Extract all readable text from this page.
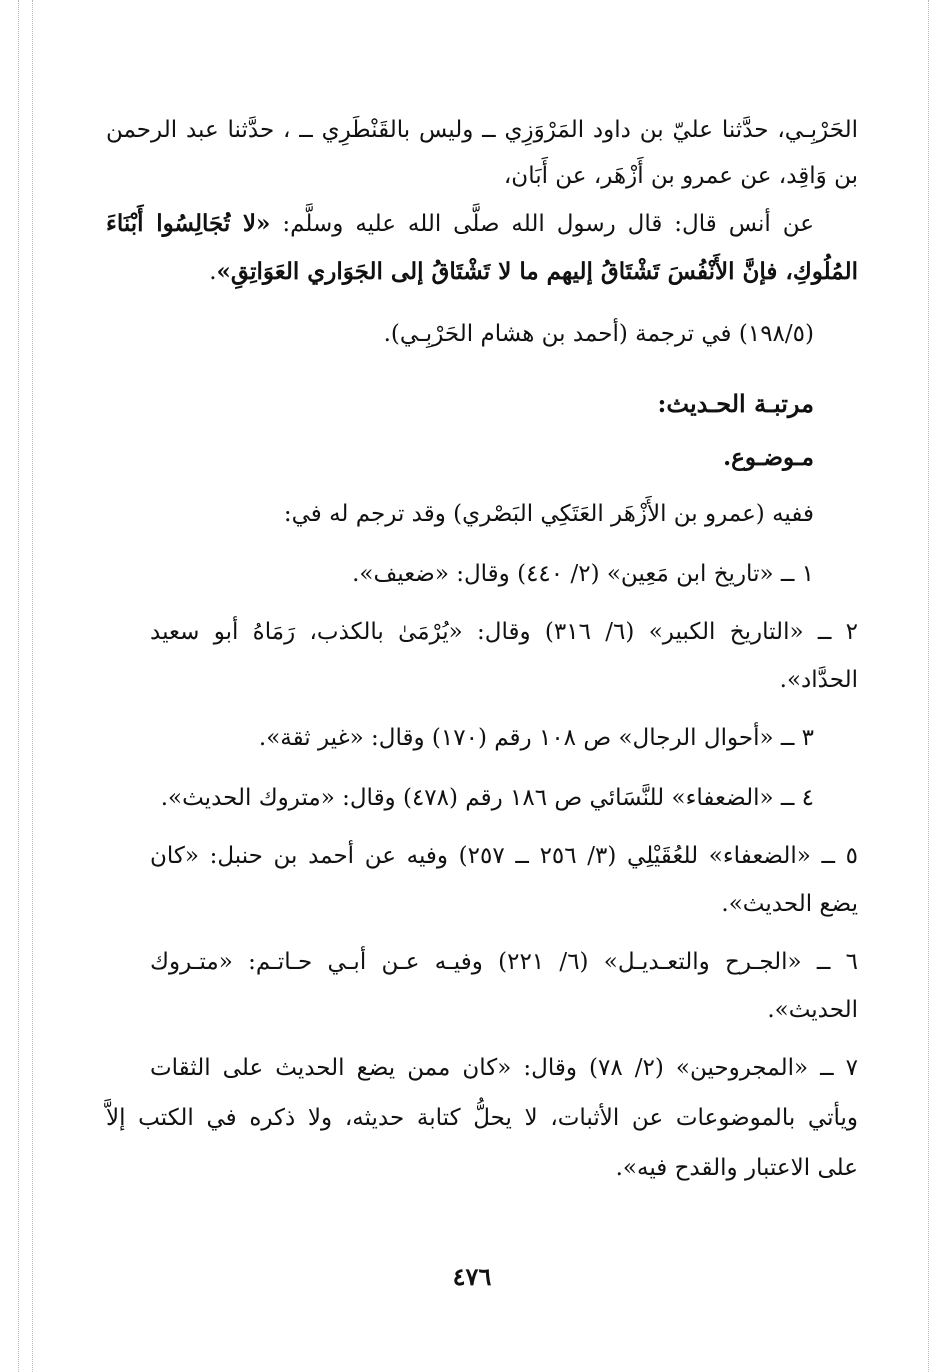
الحَرْبِـي، حدَّثنا عليّ بن داود المَرْوَزِي ــ وليس بالقَنْطَرِي ــ ، حدَّثنا عبد الرحمن
بن وَاقِد، عن عمرو بن أَزْهَر، عن أَبَان،
عن أنس قال: قال رسول الله صلَّى الله عليه وسلَّم: «لا تُجَالِسُوا أَبْنَاءَ
المُلُوكِ، فإنَّ الأَنْفُسَ تَشْتَاقُ إليهم ما لا تَشْتَاقُ إلى الجَوَاري العَوَاتِقِ».
(١٩٨/٥) في ترجمة (أحمد بن هشام الحَرْبِـي).
مرتبـة الحـديث:
مـوضـوع.
ففيه (عمرو بن الأَزْهَر العَتَكِي البَصْري) وقد ترجم له في:
١ ــ «تاريخ ابن مَعِين» (٢/ ٤٤٠) وقال: «ضعيف».
٢ ــ «التاريخ الكبير» (٦/ ٣١٦) وقال: «يُرْمَىٰ بالكذب، رَمَاهُ أبو سعيد
الحدَّاد».
٣ ــ «أحوال الرجال» ص ١٠٨ رقم (١٧٠) وقال: «غير ثقة».
٤ ــ «الضعفاء» للنَّسَائي ص ١٨٦ رقم (٤٧٨) وقال: «متروك الحديث».
٥ ــ «الضعفاء» للعُقَيْلِي (٣/ ٢٥٦ ــ ٢٥٧) وفيه عن أحمد بن حنبل: «كان
يضع الحديث».
٦ ــ «الجـرح والتعـديـل» (٦/ ٢٢١) وفيـه عـن أبـي حـاتـم: «متـروك
الحديث».
٧ ــ «المجروحين» (٢/ ٧٨) وقال: «كان ممن يضع الحديث على الثقات
ويأتي بالموضوعات عن الأثبات، لا يحلُّ كتابة حديثه، ولا ذكره في الكتب إلاَّ
على الاعتبار والقدح فيه».
٤٧٦
